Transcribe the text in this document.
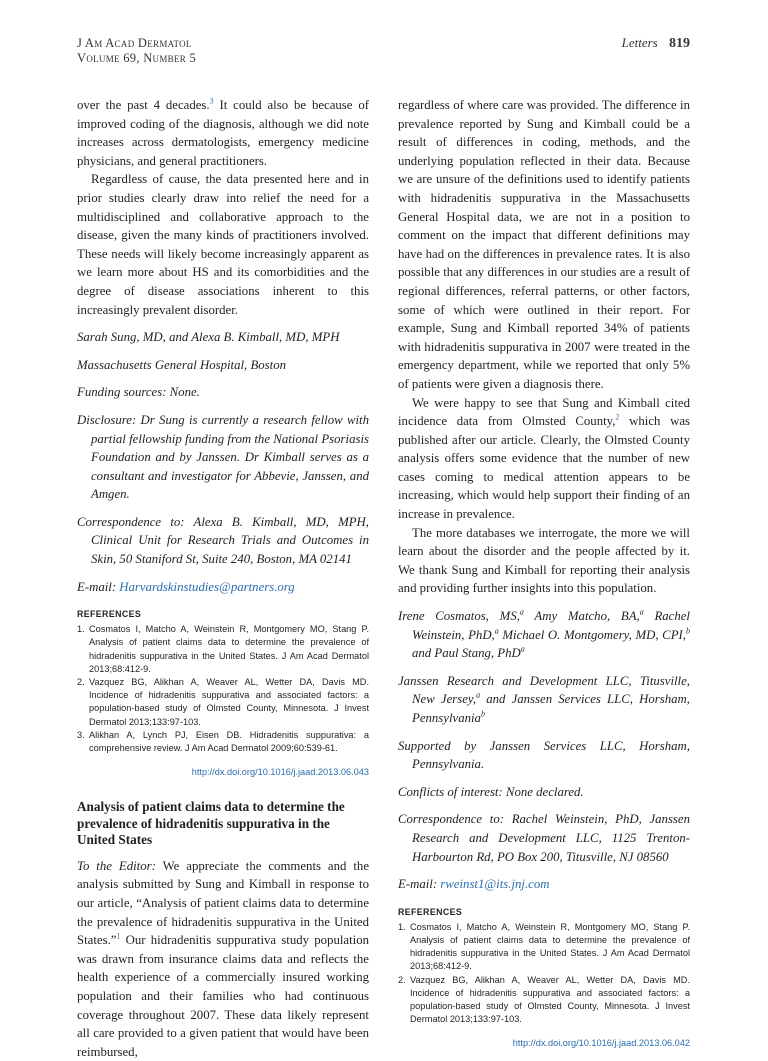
J Am Acad Dermatol
Volume 69, Number 5
Letters 819

over the past 4 decades.$^3$ It could also be because of improved coding of the diagnosis, although we did note increases across dermatologists, emergency medicine physicians, and general practitioners.

Regardless of cause, the data presented here and in prior studies clearly draw into relief the need for a multidisciplined and collaborative approach to the disease, given the many kinds of practitioners involved. These needs will likely become increasingly apparent as we learn more about HS and its comorbidities and the degree of disease associations inherent to this increasingly prevalent disorder.

Sarah Sung, MD, and Alexa B. Kimball, MD, MPH

Massachusetts General Hospital, Boston

Funding sources: None.

Disclosure: Dr Sung is currently a research fellow with partial fellowship funding from the National Psoriasis Foundation and by Janssen. Dr Kimball serves as a consultant and investigator for Abbevie, Janssen, and Amgen.

Correspondence to: Alexa B. Kimball, MD, MPH, Clinical Unit for Research Trials and Outcomes in Skin, 50 Staniford St, Suite 240, Boston, MA 02141

E-mail: Harvardskinstudies@partners.org

REFERENCES
1. Cosmatos I, Matcho A, Weinstein R, Montgomery MO, Stang P. Analysis of patient claims data to determine the prevalence of hidradenitis suppurativa in the United States. J Am Acad Dermatol 2013;68:412-9.
2. Vazquez BG, Alikhan A, Weaver AL, Wetter DA, Davis MD. Incidence of hidradenitis suppurativa and associated factors: a population-based study of Olmsted County, Minnesota. J Invest Dermatol 2013;133:97-103.
3. Alikhan A, Lynch PJ, Eisen DB. Hidradenitis suppurativa: a comprehensive review. J Am Acad Dermatol 2009;60:539-61.
http://dx.doi.org/10.1016/j.jaad.2013.06.043
Analysis of patient claims data to determine the prevalence of hidradenitis suppurativa in the United States

To the Editor: We appreciate the comments and the analysis submitted by Sung and Kimball in response to our article, “Analysis of patient claims data to determine the prevalence of hidradenitis suppurativa in the United States.”$^1$ Our hidradenitis suppurativa study population was drawn from insurance claims data and reflects the health experience of a commercially insured working population and their families who had continuous coverage throughout 2007. These data likely represent all care provided to a given patient that would have been reimbursed,

regardless of where care was provided. The difference in prevalence reported by Sung and Kimball could be a result of differences in coding, methods, and the underlying population reflected in their data. Because we are unsure of the definitions used to identify patients with hidradenitis suppurativa in the Massachusetts General Hospital data, we are not in a position to comment on the impact that different definitions may have had on the differences in prevalence rates. It is also possible that any differences in our studies are a result of regional differences, referral patterns, or other factors, some of which were outlined in their report. For example, Sung and Kimball reported 34% of patients with hidradenitis suppurativa in 2007 were treated in the emergency department, while we reported that only 5% of patients were given a diagnosis there.

We were happy to see that Sung and Kimball cited incidence data from Olmsted County,$^2$ which was published after our article. Clearly, the Olmsted County analysis offers some evidence that the number of new cases coming to medical attention appears to be increasing, which would help support their finding of an increase in prevalence.

The more databases we interrogate, the more we will learn about the disorder and the people affected by it. We thank Sung and Kimball for reporting their analysis and providing further insights into this population.

Irene Cosmatos, MS,$^a$ Amy Matcho, BA,$^a$ Rachel Weinstein, PhD,$^a$ Michael O. Montgomery, MD, CPI,$^b$ and Paul Stang, PhD$^a$

Janssen Research and Development LLC, Titusville, New Jersey,$^a$ and Janssen Services LLC, Horsham, Pennsylvania$^b$

Supported by Janssen Services LLC, Horsham, Pennsylvania.

Conflicts of interest: None declared.

Correspondence to: Rachel Weinstein, PhD, Janssen Research and Development LLC, 1125 Trenton-Harbourton Rd, PO Box 200, Titusville, NJ 08560

E-mail: rweinst1@its.jnj.com

REFERENCES
1. Cosmatos I, Matcho A, Weinstein R, Montgomery MO, Stang P. Analysis of patient claims data to determine the prevalence of hidradenitis suppurativa in the United States. J Am Acad Dermatol 2013;68:412-9.
2. Vazquez BG, Alikhan A, Weaver AL, Wetter DA, Davis MD. Incidence of hidradenitis suppurativa and associated factors: a population-based study of Olmsted County, Minnesota. J Invest Dermatol 2013;133:97-103.
http://dx.doi.org/10.1016/j.jaad.2013.06.042
